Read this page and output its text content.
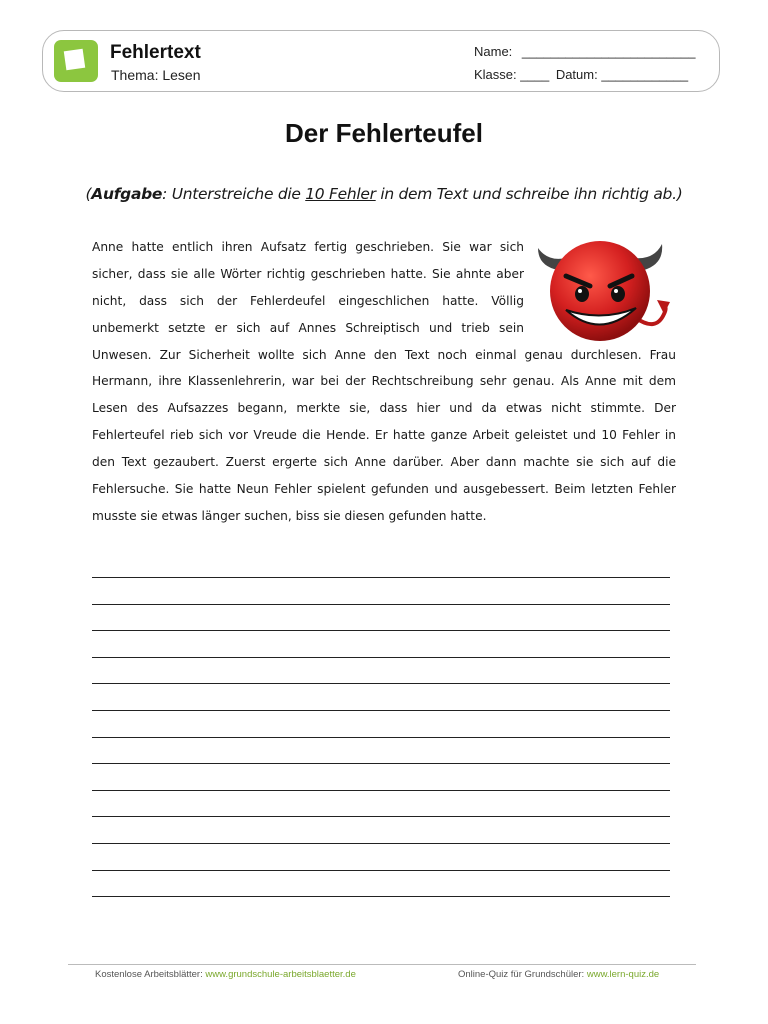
Fehlertext
Thema: Lesen
Name: ________________________
Klasse: ____ Datum: ____________
Der Fehlerteufel
(Aufgabe: Unterstreiche die 10 Fehler in dem Text und schreibe ihn richtig ab.)
Anne hatte entlich ihren Aufsatz fertig geschrieben. Sie war sich
sicher, dass sie alle Wörter richtig geschrieben hatte. Sie ahnte aber
nicht, dass sich der Fehlerdeufel eingeschlichen hatte. Völlig
unbemerkt setzte er sich auf Annes Schreiptisch und trieb sein
Unwesen. Zur Sicherheit wollte sich Anne den Text noch einmal genau durchlesen. Frau
Hermann, ihre Klassenlehrerin, war bei der Rechtschreibung sehr genau. Als Anne mit dem
Lesen des Aufsazzes begann, merkte sie, dass hier und da etwas nicht stimmte. Der
Fehlerteufel rieb sich vor Vreude die Hende. Er hatte ganze Arbeit geleistet und 10 Fehler in
den Text gezaubert. Zuerst ergerte sich Anne darüber. Aber dann machte sie sich auf die
Fehlersuche. Sie hatte Neun Fehler spielent gefunden und ausgebessert. Beim letzten Fehler
musste sie etwas länger suchen, biss sie diesen gefunden hatte.
Kostenlose Arbeitsblätter: www.grundschule-arbeitsblaetter.de	Online-Quiz für Grundschüler: www.lern-quiz.de
